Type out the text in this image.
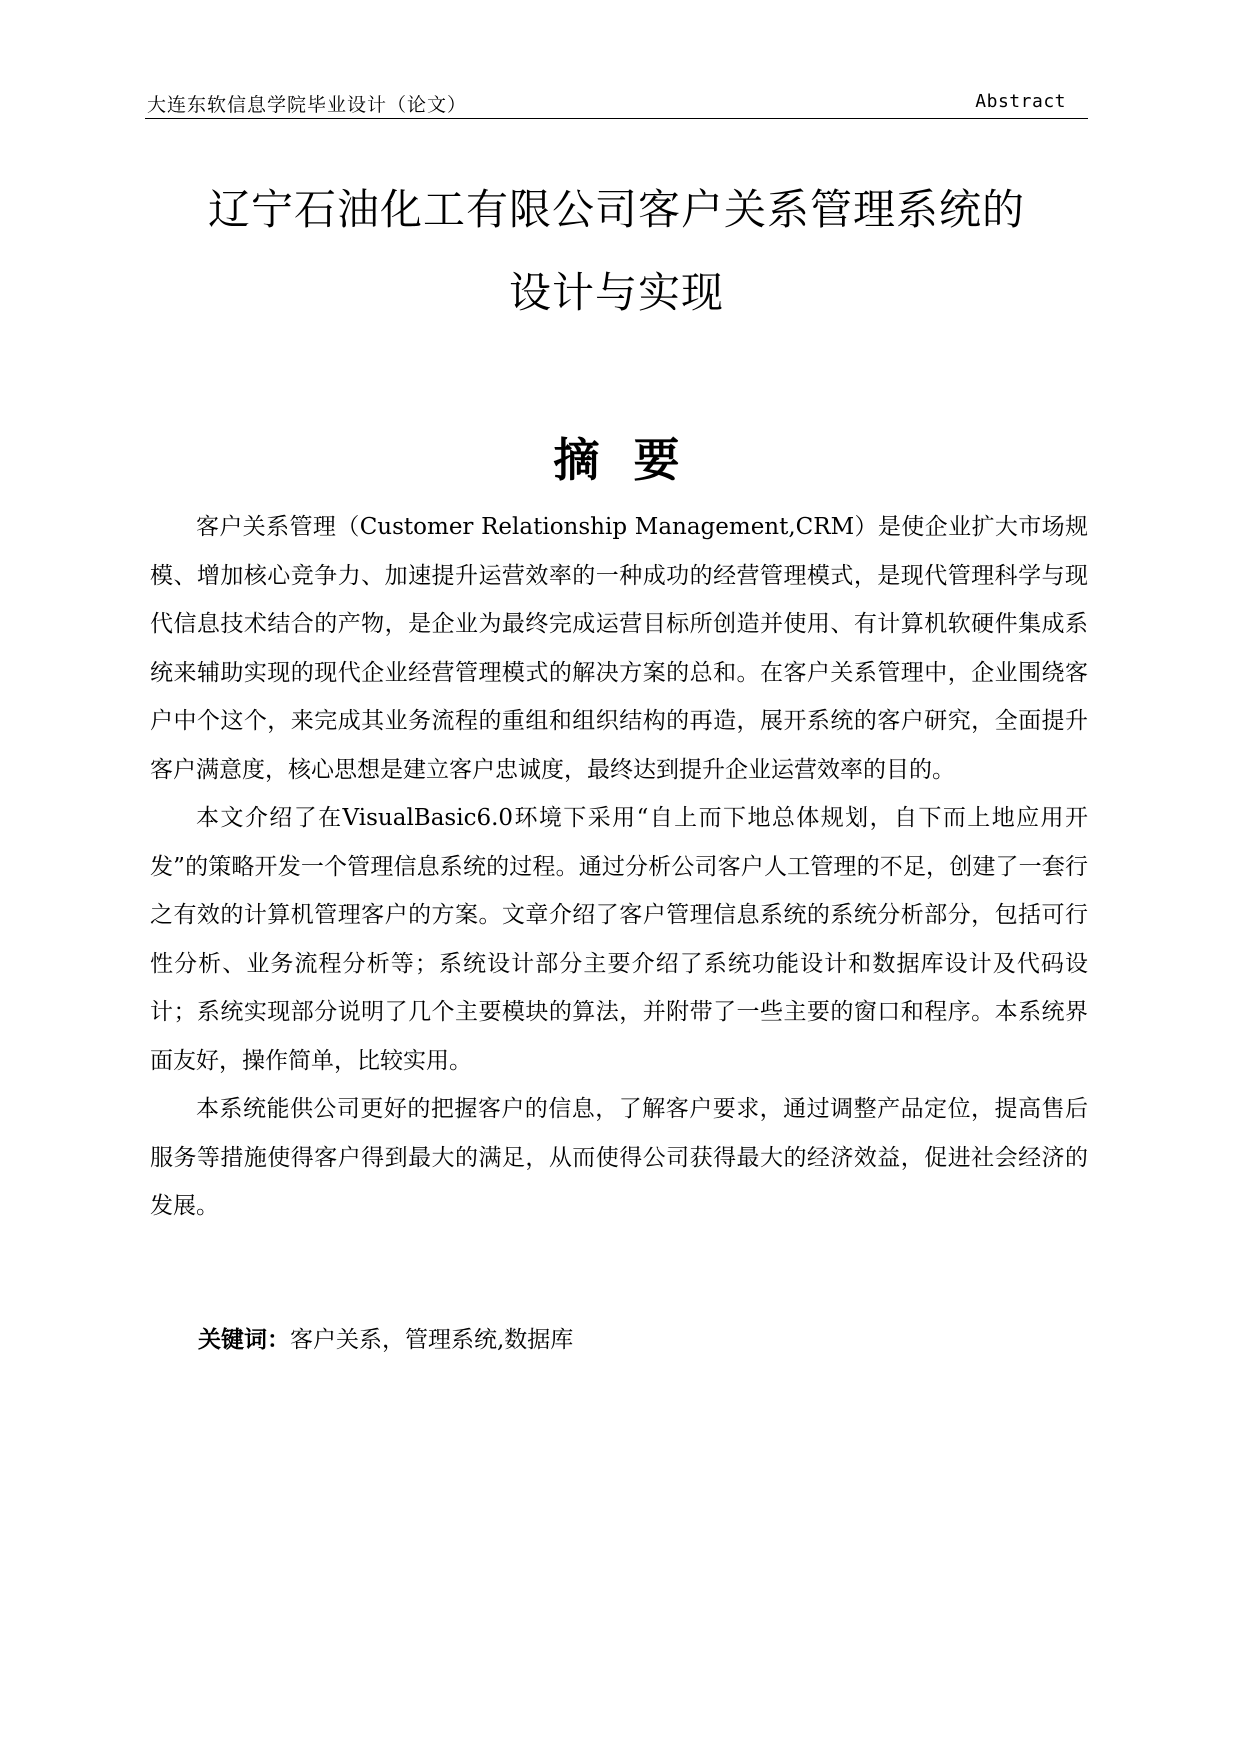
大连东软信息学院毕业设计（论文）	Abstract
辽宁石油化工有限公司客户关系管理系统的
设计与实现
摘要

客户关系管理（Customer Relationship Management,CRM）是使企业扩大市场规模、增加核心竞争力、加速提升运营效率的一种成功的经营管理模式，是现代管理科学与现代信息技术结合的产物，是企业为最终完成运营目标所创造并使用、有计算机软硬件集成系统来辅助实现的现代企业经营管理模式的解决方案的总和。在客户关系管理中，企业围绕客户中个这个，来完成其业务流程的重组和组织结构的再造，展开系统的客户研究，全面提升客户满意度，核心思想是建立客户忠诚度，最终达到提升企业运营效率的目的。

本文介绍了在VisualBasic6.0环境下采用“自上而下地总体规划，自下而上地应用开发”的策略开发一个管理信息系统的过程。通过分析公司客户人工管理的不足，创建了一套行之有效的计算机管理客户的方案。文章介绍了客户管理信息系统的系统分析部分，包括可行性分析、业务流程分析等；系统设计部分主要介绍了系统功能设计和数据库设计及代码设计；系统实现部分说明了几个主要模块的算法，并附带了一些主要的窗口和程序。本系统界面友好，操作简单，比较实用。

本系统能供公司更好的把握客户的信息，了解客户要求，通过调整产品定位，提高售后服务等措施使得客户得到最大的满足，从而使得公司获得最大的经济效益，促进社会经济的发展。

关键词：客户关系，管理系统,数据库
